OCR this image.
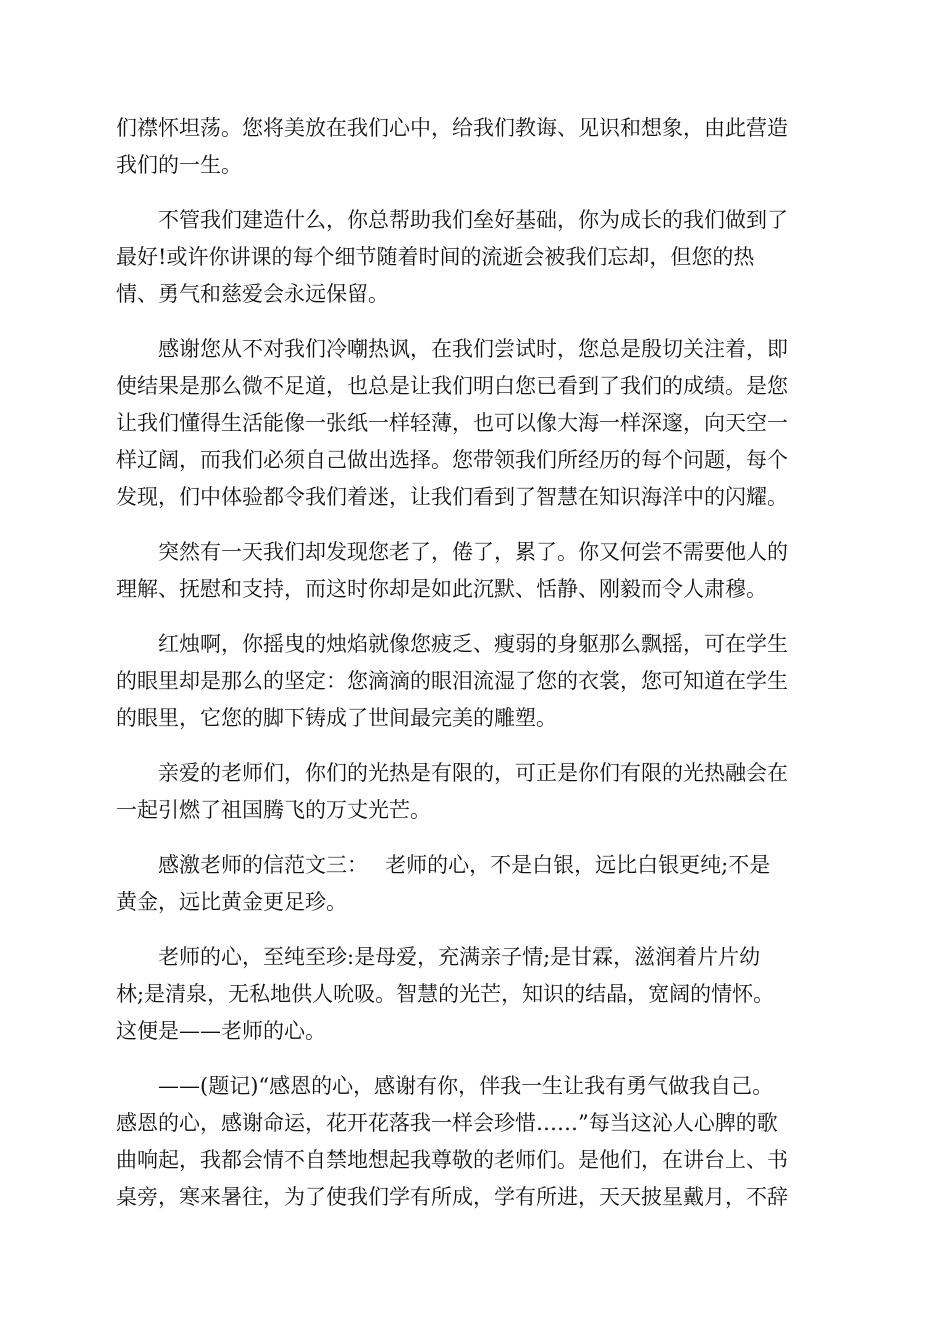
们襟怀坦荡。您将美放在我们心中，给我们教诲、见识和想象，由此营造
我们的一生。
不管我们建造什么，你总帮助我们垒好基础，你为成长的我们做到了
最好!或许你讲课的每个细节随着时间的流逝会被我们忘却，但您的热
情、勇气和慈爱会永远保留。
感谢您从不对我们冷嘲热讽，在我们尝试时，您总是殷切关注着，即
使结果是那么微不足道，也总是让我们明白您已看到了我们的成绩。是您
让我们懂得生活能像一张纸一样轻薄，也可以像大海一样深邃，向天空一
样辽阔，而我们必须自己做出选择。您带领我们所经历的每个问题，每个
发现，们中体验都令我们着迷，让我们看到了智慧在知识海洋中的闪耀。
突然有一天我们却发现您老了，倦了，累了。你又何尝不需要他人的
理解、抚慰和支持，而这时你却是如此沉默、恬静、刚毅而令人肃穆。
红烛啊，你摇曳的烛焰就像您疲乏、瘦弱的身躯那么飘摇，可在学生
的眼里却是那么的坚定：您滴滴的眼泪流湿了您的衣裳，您可知道在学生
的眼里，它您的脚下铸成了世间最完美的雕塑。
亲爱的老师们，你们的光热是有限的，可正是你们有限的光热融会在
一起引燃了祖国腾飞的万丈光芒。
感激老师的信范文三：　 老师的心，不是白银，远比白银更纯;不是
黄金，远比黄金更足珍。
老师的心，至纯至珍:是母爱，充满亲子情;是甘霖，滋润着片片幼
林;是清泉，无私地供人吮吸。智慧的光芒，知识的结晶，宽阔的情怀。
这便是——老师的心。
——(题记)“感恩的心，感谢有你，伴我一生让我有勇气做我自己。
感恩的心，感谢命运，花开花落我一样会珍惜……”每当这沁人心脾的歌
曲响起，我都会情不自禁地想起我尊敬的老师们。是他们，在讲台上、书
桌旁，寒来暑往，为了使我们学有所成，学有所进，天天披星戴月，不辞
